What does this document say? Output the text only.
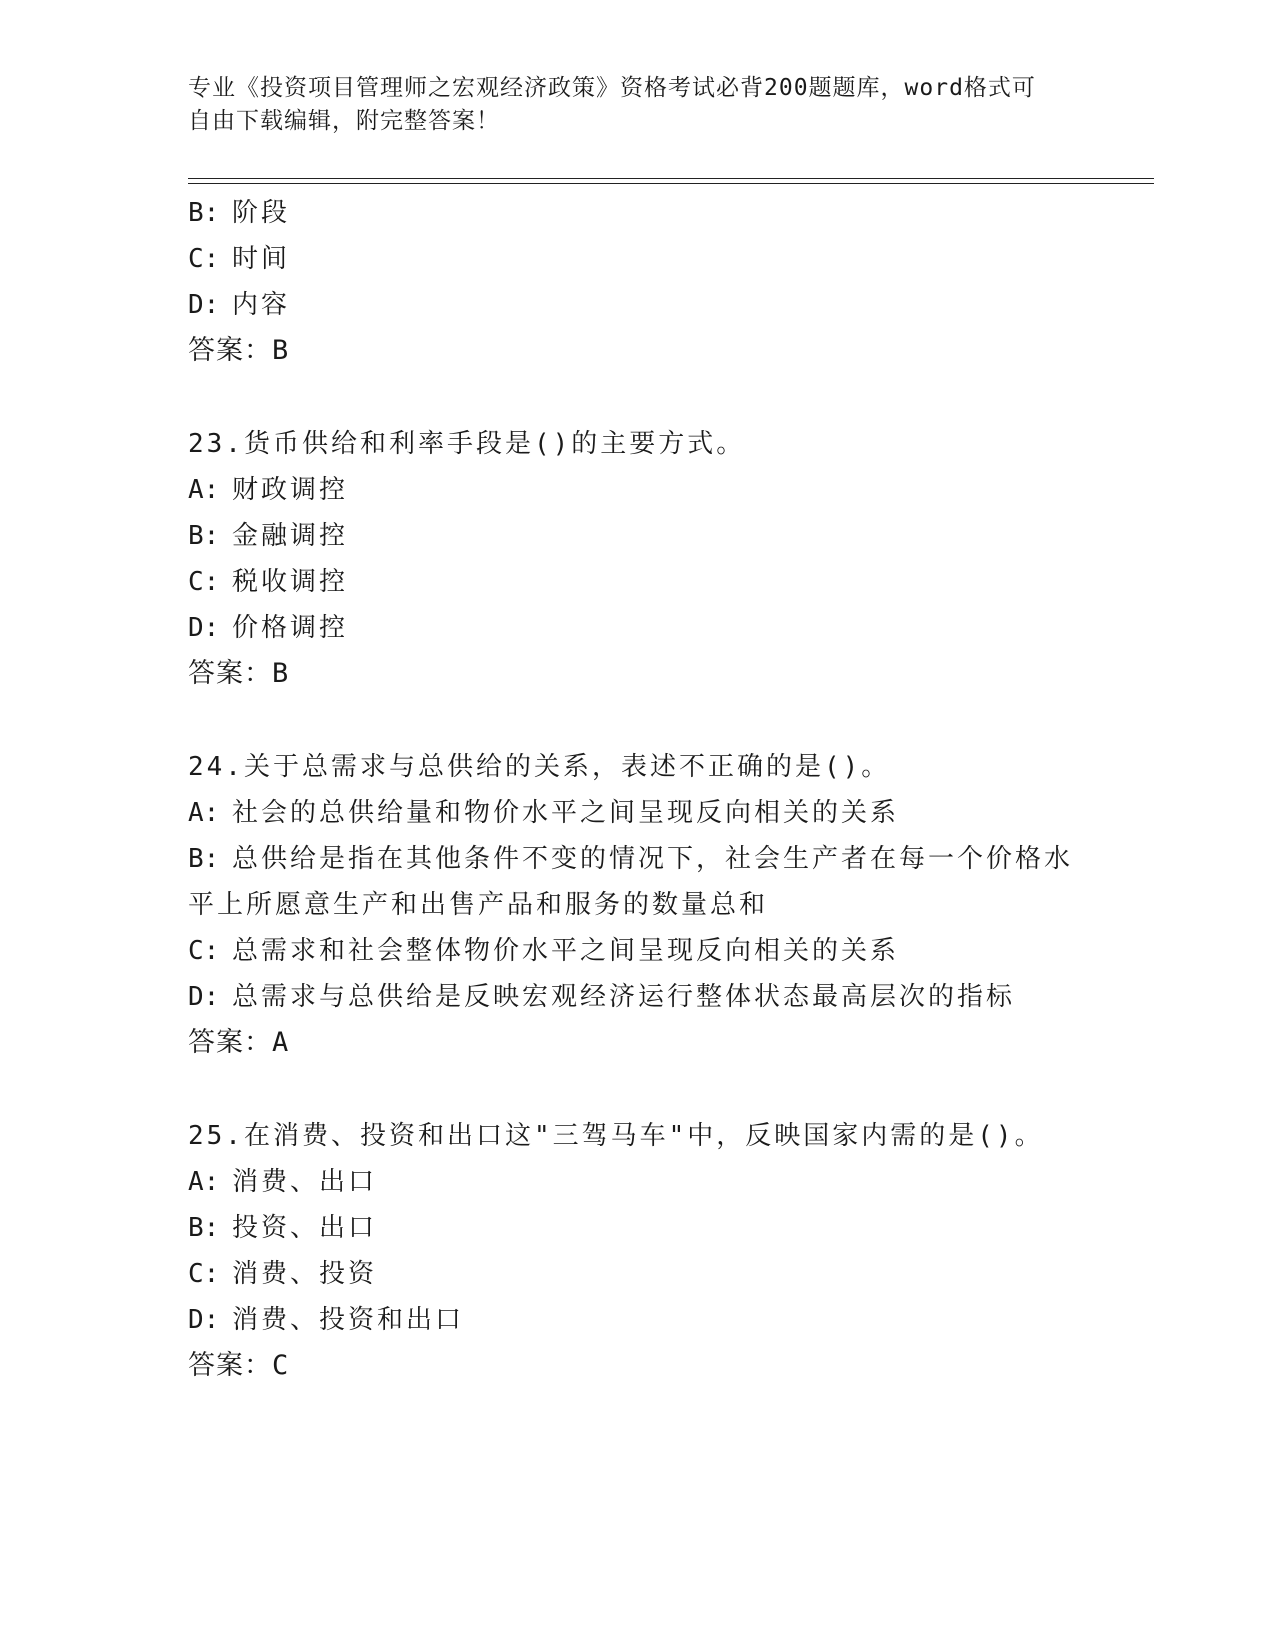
专业《投资项目管理师之宏观经济政策》资格考试必背200题题库，word格式可
自由下载编辑，附完整答案！
B: 阶段
C: 时间
D: 内容
答案：B
23.货币供给和利率手段是()的主要方式。
A: 财政调控
B: 金融调控
C: 税收调控
D: 价格调控
答案：B
24.关于总需求与总供给的关系，表述不正确的是()。
A: 社会的总供给量和物价水平之间呈现反向相关的关系
B: 总供给是指在其他条件不变的情况下，社会生产者在每一个价格水
平上所愿意生产和出售产品和服务的数量总和
C: 总需求和社会整体物价水平之间呈现反向相关的关系
D: 总需求与总供给是反映宏观经济运行整体状态最高层次的指标
答案：A
25.在消费、投资和出口这"三驾马车"中，反映国家内需的是()。
A: 消费、出口
B: 投资、出口
C: 消费、投资
D: 消费、投资和出口
答案：C
